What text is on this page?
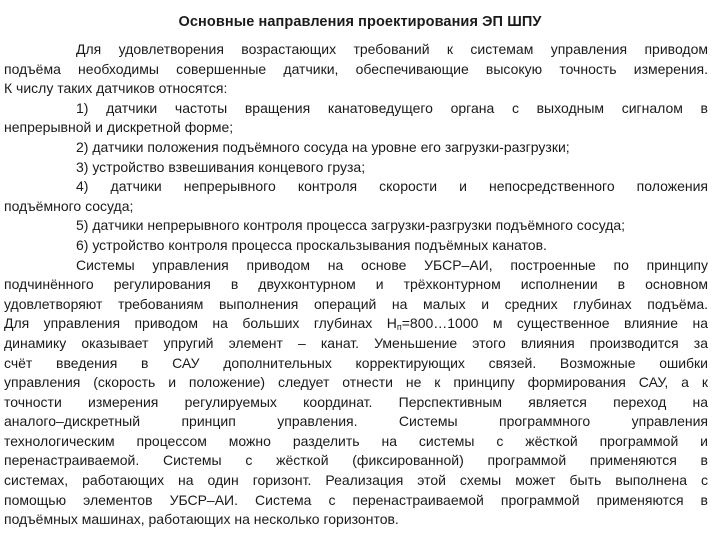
Основные направления проектирования ЭП ШПУ
Для удовлетворения возрастающих требований к системам управления приводом
подъёма необходимы совершенные датчики, обеспечивающие высокую точность измерения.
К числу таких датчиков относятся:
1) датчики частоты вращения канатоведущего органа с выходным сигналом в
непрерывной и дискретной форме;
2) датчики положения подъёмного сосуда на уровне его загрузки-разгрузки;
3) устройство взвешивания концевого груза;
4) датчики непрерывного контроля скорости и непосредственного положения
подъёмного сосуда;
5) датчики непрерывного контроля процесса загрузки-разгрузки подъёмного сосуда;
6) устройство контроля процесса проскальзывания подъёмных канатов.
Системы управления приводом на основе УБСР–АИ, построенные по принципу
подчинённого регулирования в двухконтурном и трёхконтурном исполнении в основном
удовлетворяют требованиям выполнения операций на малых и средних глубинах подъёма.
Для управления приводом на больших глубинах $H_п=800\dots 1000$ м существенное влияние на
динамику оказывает упругий элемент – канат. Уменьшение этого влияния производится за
счёт введения в САУ дополнительных корректирующих связей. Возможные ошибки
управления (скорость и положение) следует отнести не к принципу формирования САУ, а к
точности измерения регулируемых координат. Перспективным является переход на
аналого–дискретный принцип управления. Системы программного управления
технологическим процессом можно разделить на системы с жёсткой программой и
перенастраиваемой. Системы с жёсткой (фиксированной) программой применяются в
системах, работающих на один горизонт. Реализация этой схемы может быть выполнена с
помощью элементов УБСР–АИ. Система с перенастраиваемой программой применяются в
подъёмных машинах, работающих на несколько горизонтов.
